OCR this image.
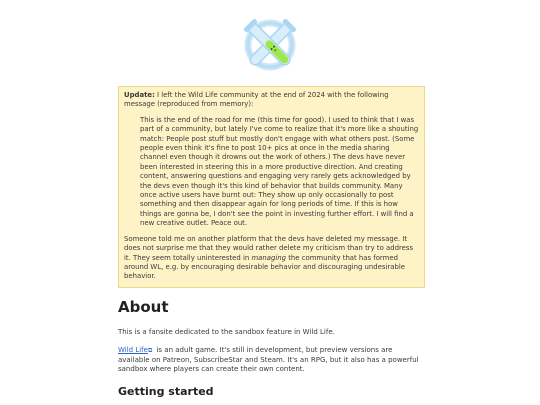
Update: I left the Wild Life community at the end of 2024 with the following message (reproduced from memory):

This is the end of the road for me (this time for good). I used to think that I was part of a community, but lately I've come to realize that it's more like a shouting match: People post stuff but mostly don't engage with what others post. (Some people even think it's fine to post 10+ pics at once in the media sharing channel even though it drowns out the work of others.) The devs have never been interested in steering this in a more productive direction. And creating content, answering questions and engaging very rarely gets acknowledged by the devs even though it's this kind of behavior that builds community. Many once active users have burnt out: They show up only occasionally to post something and then disappear again for long periods of time. If this is how things are gonna be, I don't see the point in investing further effort. I will find a new creative outlet. Peace out.

Someone told me on another platform that the devs have deleted my message. It does not surprise me that they would rather delete my criticism than try to address it. They seem totally uninterested in managing the community that has formed around WL, e.g. by encouraging desirable behavior and discouraging undesirable behavior.

About

This is a fansite dedicated to the sandbox feature in Wild Life.

Wild Life⧉ is an adult game. It's still in development, but preview versions are available on Patreon, SubscribeStar and Steam. It's an RPG, but it also has a powerful sandbox where players can create their own content.

Getting started
